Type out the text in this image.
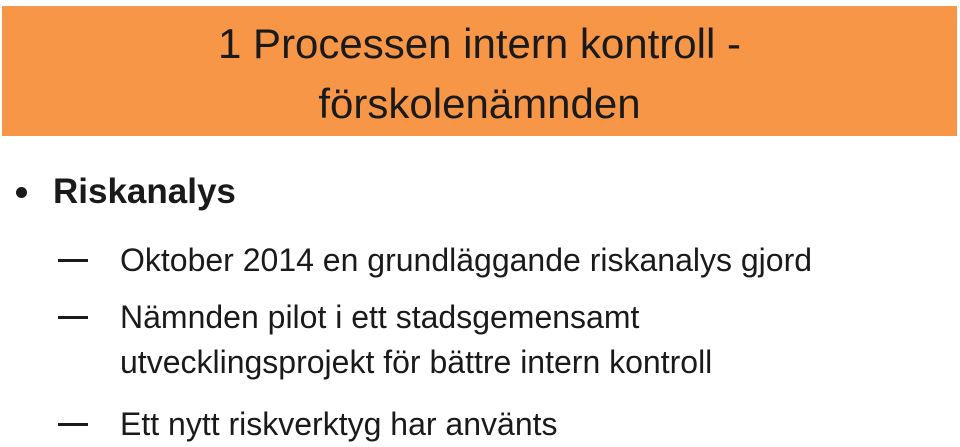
1 Processen intern kontroll -
förskolenämnden
Riskanalys
Oktober 2014 en grundläggande riskanalys gjord
Nämnden pilot i ett stadsgemensamt
utvecklingsprojekt för bättre intern kontroll
Ett nytt riskverktyg har använts
